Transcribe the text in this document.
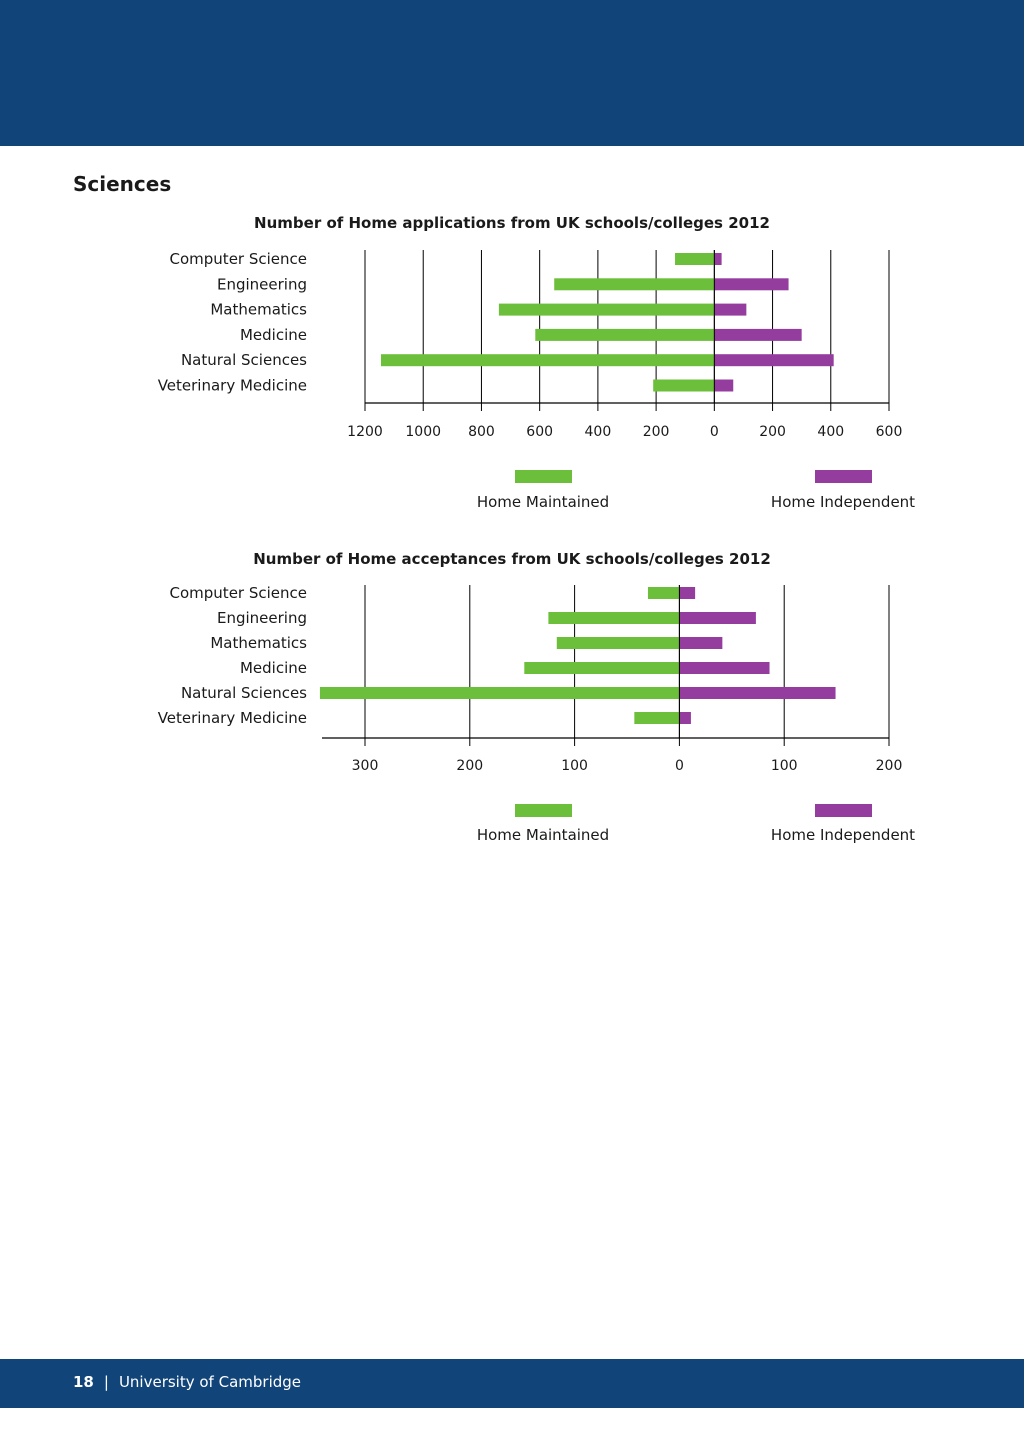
Sciences
Number of Home applications from UK schools/colleges 2012
1200 1000 800 600 400 200	0	200 400 600
Computer Science
Engineering
Mathematics
Medicine
Natural Sciences
Veterinary Medicine
Home Maintained	Home Independent
Number of Home acceptances from UK schools/colleges 2012
300	200	100	0	100	200
Computer Science
Engineering
Mathematics
Medicine
Natural Sciences
Veterinary Medicine
Home Maintained	Home Independent
18 | University of Cambridge
